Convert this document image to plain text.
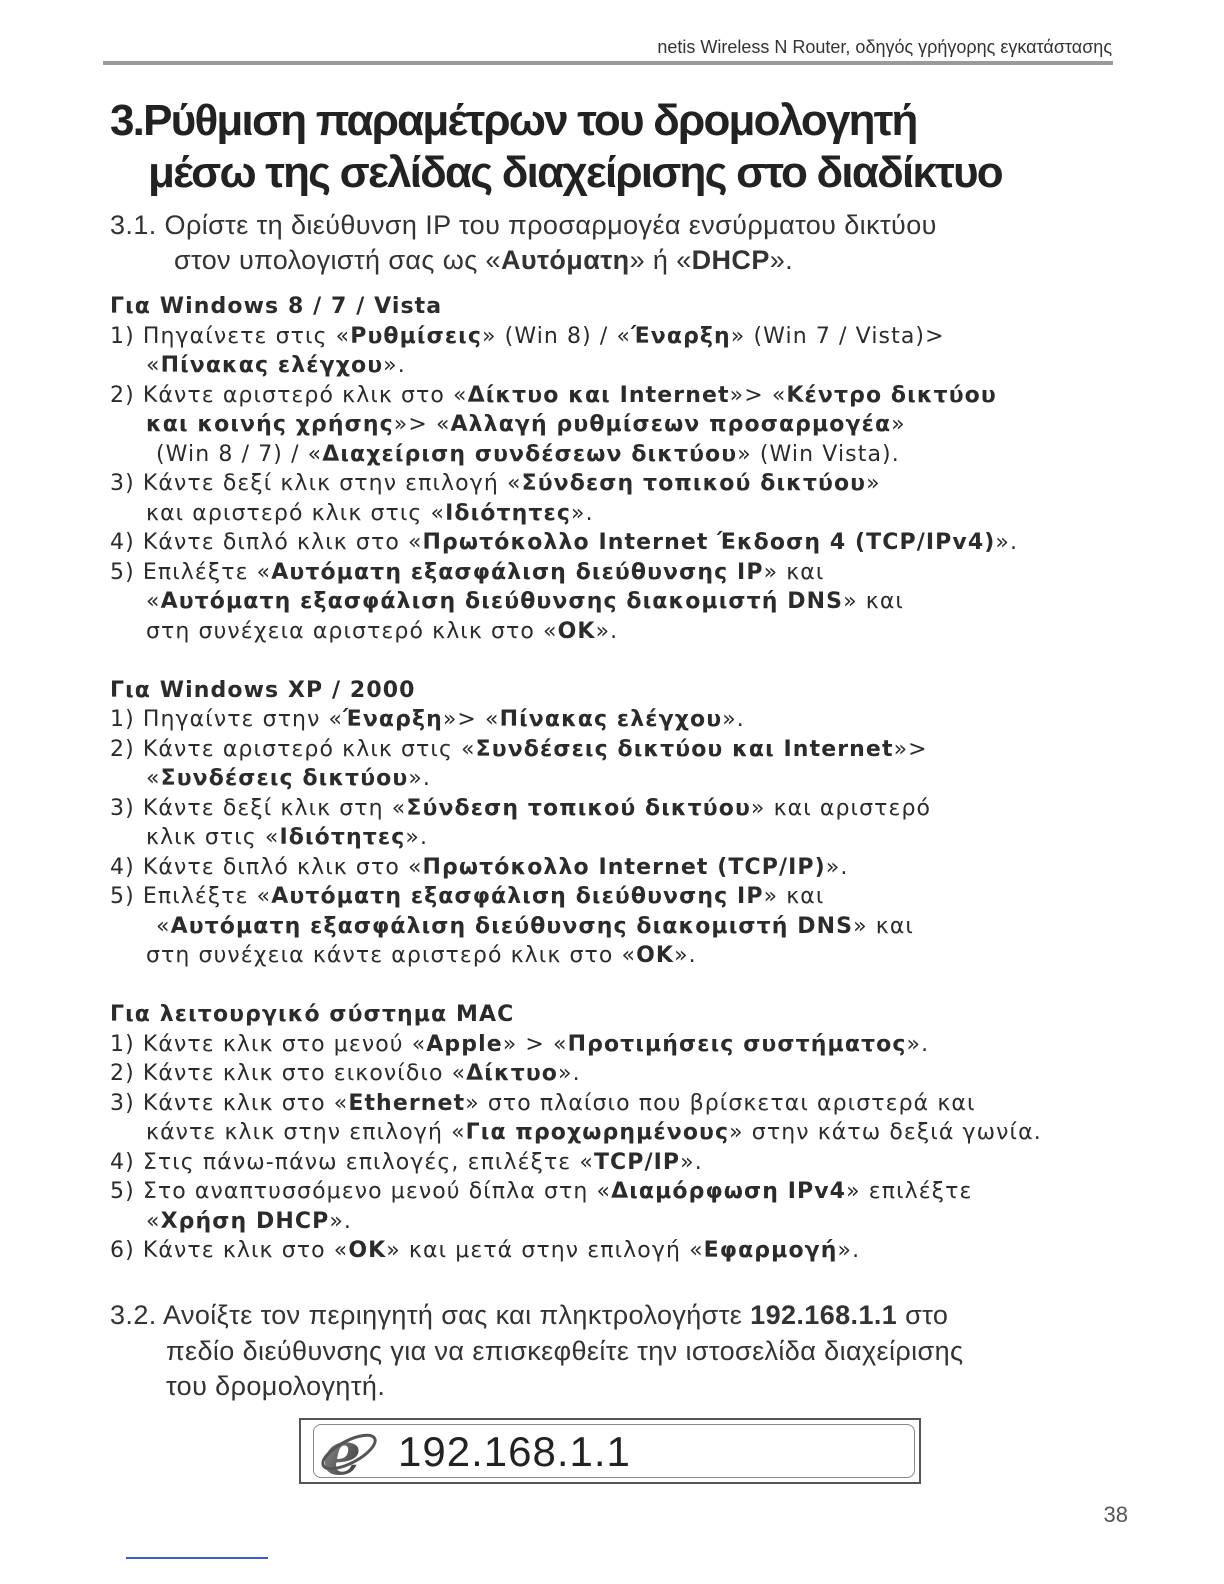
netis Wireless N Router, οδηγός γρήγορης εγκατάστασης
3.Ρύθμιση παραμέτρων του δρομολογητή
μέσω της σελίδας διαχείρισης στο διαδίκτυο
3.1. Ορίστε τη διεύθυνση IP του προσαρμογέα ενσύρματου δικτύου
στον υπολογιστή σας ως «Αυτόματη» ή «DHCP».
Για Windows 8 / 7 / Vista
1) Πηγαίνετε στις «Ρυθμίσεις» (Win 8) / «Έναρξη» (Win 7 / Vista)>
«Πίνακας ελέγχου».
2) Κάντε αριστερό κλικ στο «Δίκτυο και Internet»> «Κέντρο δικτύου
και κοινής χρήσης»> «Αλλαγή ρυθμίσεων προσαρμογέα»
(Win 8 / 7) / «Διαχείριση συνδέσεων δικτύου» (Win Vista).
3) Κάντε δεξί κλικ στην επιλογή «Σύνδεση τοπικού δικτύου»
και αριστερό κλικ στις «Ιδιότητες».
4) Κάντε διπλό κλικ στο «Πρωτόκολλο Internet Έκδοση 4 (TCP/IPv4)».
5) Επιλέξτε «Αυτόματη εξασφάλιση διεύθυνσης IP» και
«Αυτόματη εξασφάλιση διεύθυνσης διακομιστή DNS» και
στη συνέχεια αριστερό κλικ στο «OK».
Για Windows XP / 2000
1) Πηγαίντε στην «Έναρξη»> «Πίνακας ελέγχου».
2) Κάντε αριστερό κλικ στις «Συνδέσεις δικτύου και Internet»>
«Συνδέσεις δικτύου».
3) Κάντε δεξί κλικ στη «Σύνδεση τοπικού δικτύου» και αριστερό
κλικ στις «Ιδιότητες».
4) Κάντε διπλό κλικ στο «Πρωτόκολλο Internet (TCP/IP)».
5) Επιλέξτε «Αυτόματη εξασφάλιση διεύθυνσης IP» και
«Αυτόματη εξασφάλιση διεύθυνσης διακομιστή DNS» και
στη συνέχεια κάντε αριστερό κλικ στο «OK».
Για λειτουργικό σύστημα MAC
1) Κάντε κλικ στο μενού «Apple» > «Προτιμήσεις συστήματος».
2) Κάντε κλικ στο εικονίδιο «Δίκτυο».
3) Κάντε κλικ στο «Ethernet» στο πλαίσιο που βρίσκεται αριστερά και
κάντε κλικ στην επιλογή «Για προχωρημένους» στην κάτω δεξιά γωνία.
4) Στις πάνω-πάνω επιλογές, επιλέξτε «TCP/IP».
5) Στο αναπτυσσόμενο μενού δίπλα στη «Διαμόρφωση IPv4» επιλέξτε
«Χρήση DHCP».
6) Κάντε κλικ στο «OK» και μετά στην επιλογή «Εφαρμογή».
3.2. Ανοίξτε τον περιηγητή σας και πληκτρολογήστε 192.168.1.1 στο
πεδίο διεύθυνσης για να επισκεφθείτε την ιστοσελίδα διαχείρισης
του δρομολογητή.
e 192.168.1.1
38
